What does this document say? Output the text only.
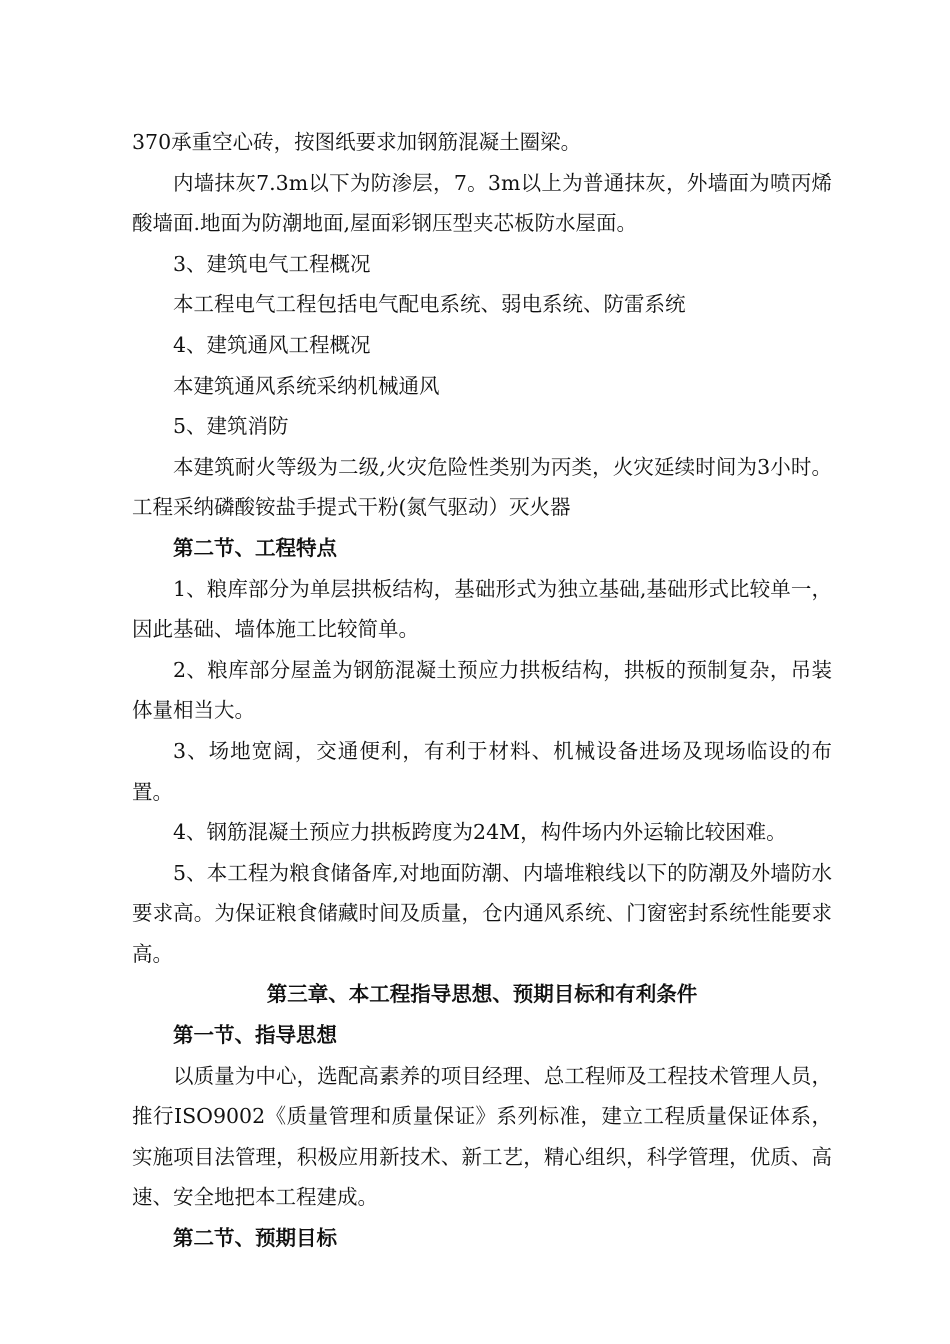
370承重空心砖，按图纸要求加钢筋混凝土圈梁。

内墙抹灰7.3m以下为防渗层，7。3m以上为普通抹灰，外墙面为喷丙烯酸墙面.地面为防潮地面,屋面彩钢压型夹芯板防水屋面。

3、建筑电气工程概况

本工程电气工程包括电气配电系统、弱电系统、防雷系统

4、建筑通风工程概况

本建筑通风系统采纳机械通风

5、建筑消防

本建筑耐火等级为二级,火灾危险性类别为丙类，火灾延续时间为3小时。工程采纳磷酸铵盐手提式干粉(氮气驱动）灭火器

第二节、工程特点

1、粮库部分为单层拱板结构，基础形式为独立基础,基础形式比较单一，因此基础、墙体施工比较简单。

2、粮库部分屋盖为钢筋混凝土预应力拱板结构，拱板的预制复杂，吊装体量相当大。

3、场地宽阔，交通便利，有利于材料、机械设备进场及现场临设的布置。

4、钢筋混凝土预应力拱板跨度为24M，构件场内外运输比较困难。

5、本工程为粮食储备库,对地面防潮、内墙堆粮线以下的防潮及外墙防水要求高。为保证粮食储藏时间及质量，仓内通风系统、门窗密封系统性能要求高。

第三章、本工程指导思想、预期目标和有利条件

第一节、指导思想

以质量为中心，选配高素养的项目经理、总工程师及工程技术管理人员，推行ISO9002《质量管理和质量保证》系列标准，建立工程质量保证体系，实施项目法管理，积极应用新技术、新工艺，精心组织，科学管理，优质、高速、安全地把本工程建成。

第二节、预期目标
